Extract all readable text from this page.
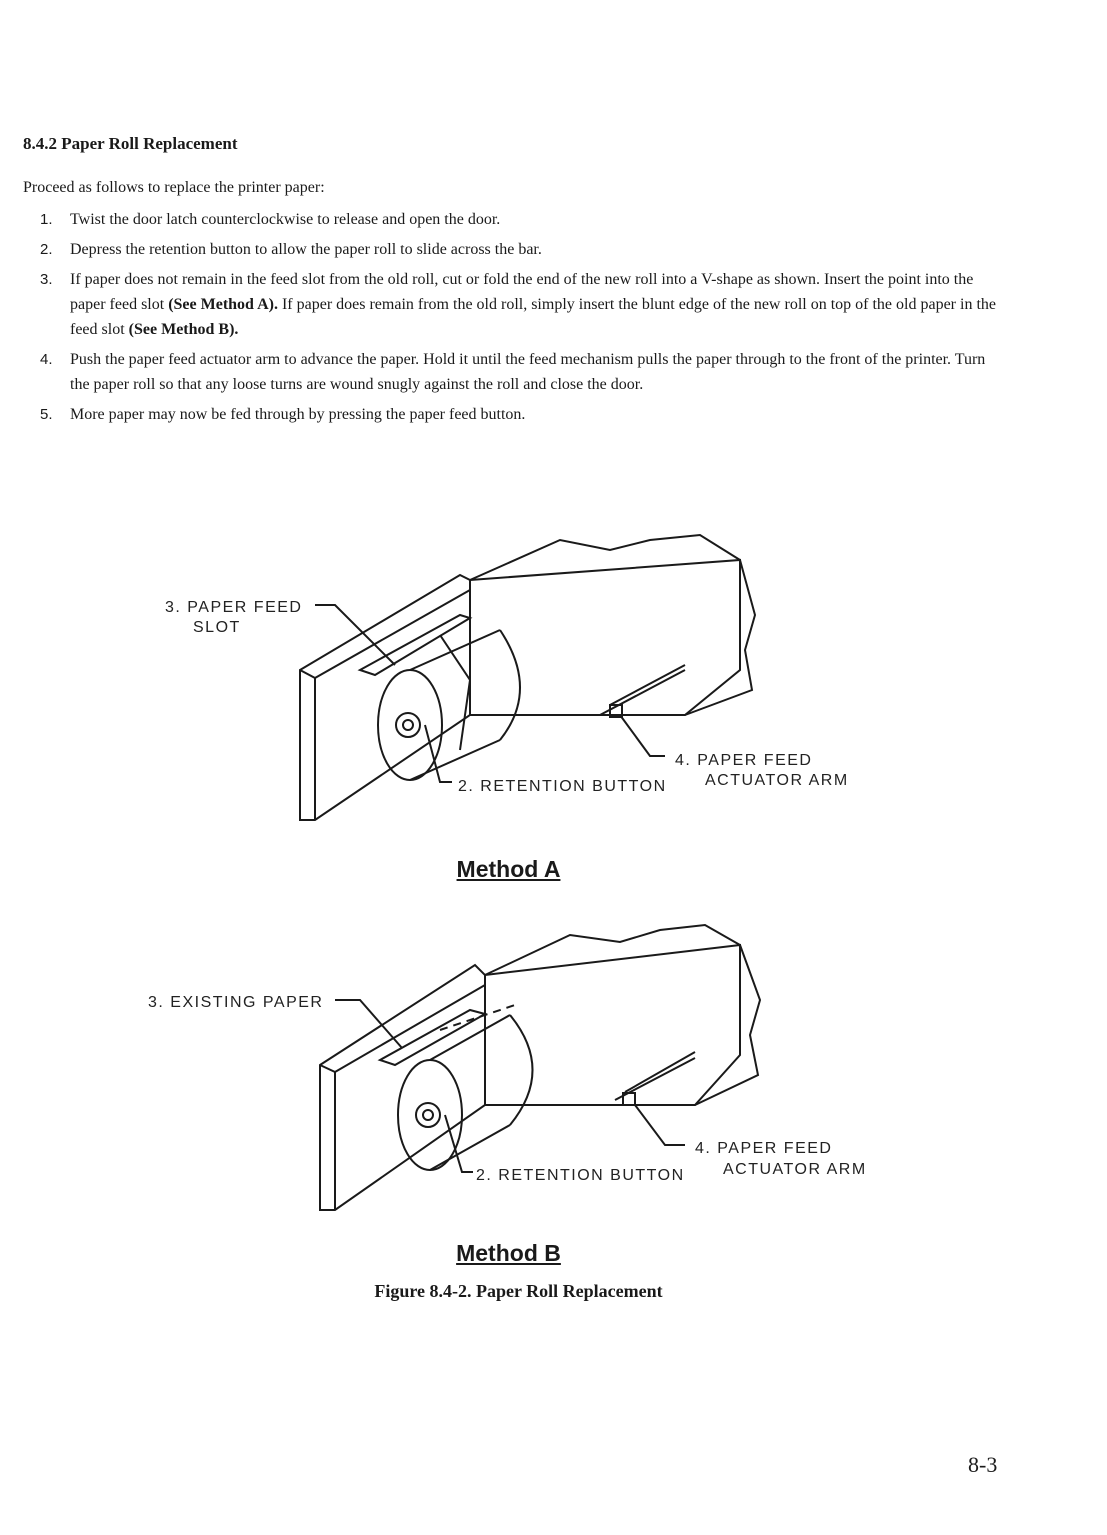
8.4.2 Paper Roll Replacement
Proceed as follows to replace the printer paper:
1.	Twist the door latch counterclockwise to release and open the door.
2.	Depress the retention button to allow the paper roll to slide across the bar.
3.	If paper does not remain in the feed slot from the old roll, cut or fold the end of the new roll into a V-shape as shown. Insert the point into the paper feed slot (See Method A). If paper does remain from the old roll, simply insert the blunt edge of the new roll on top of the old paper in the feed slot (See Method B).
4.	Push the paper feed actuator arm to advance the paper. Hold it until the feed mechanism pulls the paper through to the front of the printer. Turn the paper roll so that any loose turns are wound snugly against the roll and close the door.
5.	More paper may now be fed through by pressing the paper feed button.
3. PAPER FEED
SLOT
2. RETENTION BUTTON
4. PAPER FEED
ACTUATOR ARM
Method A
3. EXISTING PAPER
2. RETENTION BUTTON
4. PAPER FEED
ACTUATOR ARM
Method B
Figure 8.4-2. Paper Roll Replacement
8-3
